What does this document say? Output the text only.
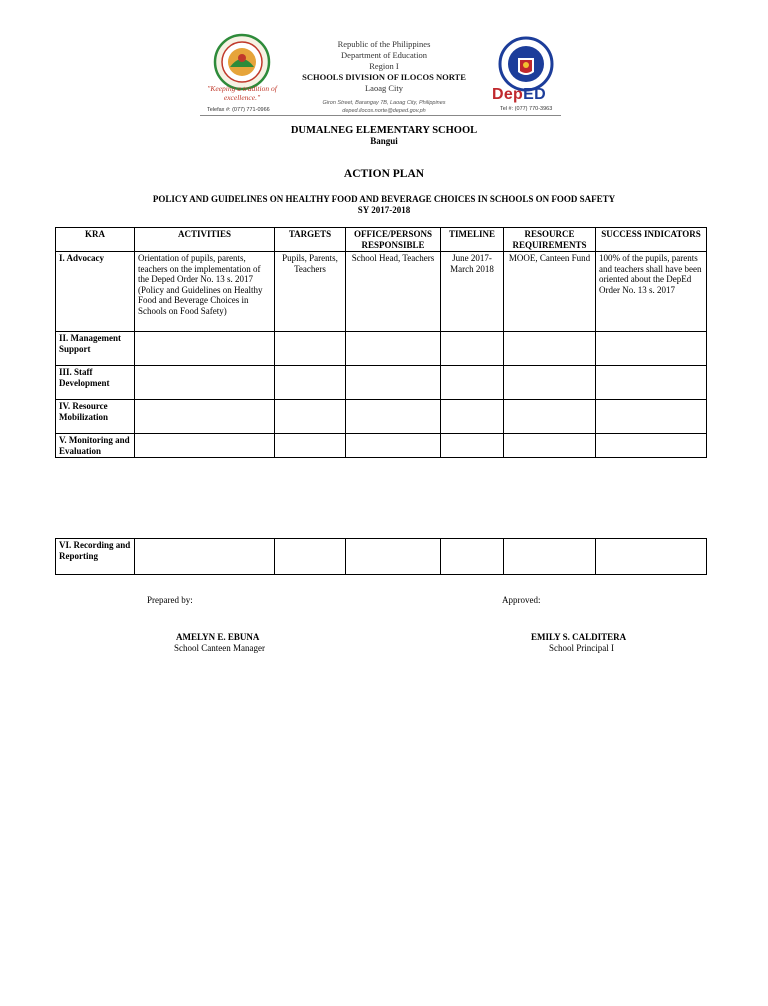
"Keeping a tradition of excellence."
Telefax #: (077) 771-0966
Republic of the Philippines
Department of Education
Region I
SCHOOLS DIVISION OF ILOCOS NORTE
Laoag City
Giron Street, Barangay 7B, Laoag City, Philippines
deped.ilocos.norte@deped.gov.ph
DepED
Tel #: (077) 770-3963
DUMALNEG ELEMENTARY SCHOOL
Bangui
ACTION PLAN
POLICY AND GUIDELINES ON HEALTHY FOOD AND BEVERAGE CHOICES IN SCHOOLS ON FOOD SAFETY
SY 2017-2018
KRA	ACTIVITIES	TARGETS	OFFICE/PERSONS RESPONSIBLE	TIMELINE	RESOURCE REQUIREMENTS	SUCCESS INDICATORS
I. Advocacy	Orientation of pupils, parents, teachers on the implementation of the Deped Order No. 13 s. 2017 (Policy and Guidelines on Healthy Food and Beverage Choices in Schools on Food Safety)	Pupils, Parents, Teachers	School Head, Teachers	June 2017-March 2018	MOOE, Canteen Fund	100% of the pupils, parents and teachers shall have been oriented about the DepEd Order No. 13 s. 2017
II. Management Support						
III. Staff Development						
IV. Resource Mobilization						
V. Monitoring and Evaluation						
VI. Recording and Reporting						
Prepared by:	Approved:
AMELYN E. EBUNA
School Canteen Manager
EMILY S. CALDITERA
School Principal I
